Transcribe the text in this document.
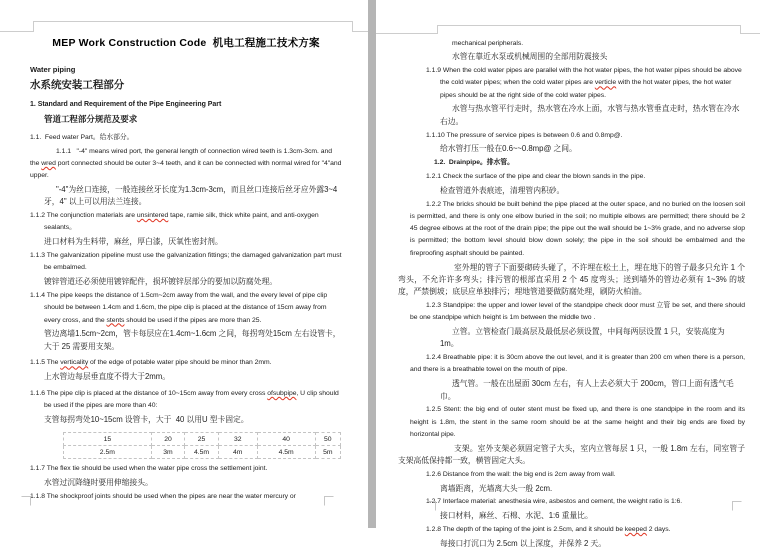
MEP Work Construction Code  机电工程施工技术方案
Water piping
水系统安装工程部分
1. Standard and Requirement of the Pipe Engineering Part
管道工程部分规范及要求
1.1.  Feed water Part。给水部分。
1.1.1   "-4" means wired port, the general length of connection wired teeth is 1.3cm-3cm. and the wred port connected should be outer 3~4 teeth, and it can be connected with normal wired for "4"and upper.
"-4"为丝口连接，一般连接丝牙长度为1.3cm-3cm，而且丝口连接后丝牙应外露3~4 牙，4" 以上可以用法兰连接。
1.1.2 The conjunction materials are unsintered tape, ramie silk, thick white paint, and anti-oxygen sealants。
进口材料为生料带，麻丝，厚白漆，厌氧性密封剂。
1.1.3 The galvanization pipeline must use the galvanization fittings; the damaged galvanization part must be embalmed.
镀锌管道还必须使用镀锌配件，损坏镀锌层部分的要加以防腐处理。
1.1.4 The pipe keeps the distance of 1.5cm~2cm away from the wall, and the every level of pipe clip should be between 1.4cm and 1.6cm, the pipe clip is placed at the distance of 15cm away from every cross, and the stents should be used if the pipes are more than 25.
管边离墙1.5cm~2cm，管卡每层应在1.4cm~1.6cm 之间，每拐弯处15cm 左右设管卡，大于 25 需要用支架。
1.1.5 The verticality of the edge of potable water pipe should be minor than 2mm.
上水管边每层垂直度不得大于2mm。
1.1.6 The pipe clip is placed at the distance of 10~15cm away from every cross ofsubpipe, U clip should be used if the pipes are more than 40:
支管每拐弯处10~15cm 设管卡，大于  40 以用U 型卡固定。
15	20	25	32	40	50
2.5m	3m	4.5m	4m	4.5m	5m
1.1.7 The flex tie should be used when the water pipe cross the settlement joint.
水管过沉降缝时要用伸缩接头。
1.1.8 The shockproof joints should be used when the pipes are near the water mercury or
mechanical peripherals.
水管在靠近水泵或机械周围的全部用防震接头
1.1.9 When the cold water pipes are parallel with the hot water pipes, the hot water pipes should be above the cold water pipes; when the cold water pipes are verticle with the hot water pipes, the hot water pipes should be at the right side of the cold water pipes.
水管与热水管平行走时，热水管在冷水上面，水管与热水管垂直走时，热水管在冷水右边。
1.1.10 The pressure of service pipes is between 0.6 and 0.8mp@.
给水管打压一般在0.6~~0.8mp@ 之间。
1.2.  Drainpipe。排水管。
1.2.1 Check the surface of the pipe and clear the blown sands in the pipe.
检查管道外表痕迹，清理管内积砂。
1.2.2 The bricks should be built behind the pipe placed at the outer space, and no buried on the loosen soil is permitted, and there is only one elbow buried in the soil; no multiple elbows are permitted; there should be 2 45 degree elbows at the root of the drain pipe; the pipe out the wall should be 1~3% grade, and no adverse slop is permitted; the bottom level should blow down solely; the pipe in the soil should be embalmed and the fireproofing asphalt should be painted.
室外埋的管子下面要砌砖头碰了，不许埋在松土上，埋在地下的管子最多只允许 1 个弯头，不允许许多弯头；排污管的根部直采用 2 个 45 度弯头；送到墙外的管边必须有 1~3% 的坡度，严禁倒坡；底层应单独排污；埋地管道要做防腐处理，刷防火柏油。
1.2.3 Standpipe: the upper and lower level of the standpipe check door must 立管 be set, and there should be one standpipe which height is 1m between the middle two .
立管。立管检查门最高层及最低层必须设置，中间每两层设置 1 只，安装高度为 1m。
1.2.4 Breathable pipe: it is 30cm above the out level, and it is greater than 200 cm when there is a person, and there is a breathable towel on the mouth of pipe.
透气管。一般在出屋面 30cm 左右，有人上去必须大于 200cm，管口上面有透气毛巾。
1.2.5 Stent: the big end of outer stent must be fixed up, and there is one standpipe in the room and its height is 1.8m, the stent in the same room should be at the same height and their big ends are fixed by horizontal pipe.
支架。室外支架必须固定管子大头，室内立管每层 1 只，一般 1.8m 左右，同室管子支架高低保持都一致，横管固定大头。
1.2.6 Distance from the wall: the big end is 2cm away from wall.
离墙距离，光墙离大头一般 2cm.
1.2.7 Interface material: anesthesia wire, asbestos and cement, the weight ratio is 1:6.
接口材料，麻丝、石棉、水泥、1:6 重量比。
1.2.8 The depth of the taping of the joint is 2.5cm, and it should be keeped 2 days.
每接口打沉口为 2.5cm 以上深度，并保养 2 天。
